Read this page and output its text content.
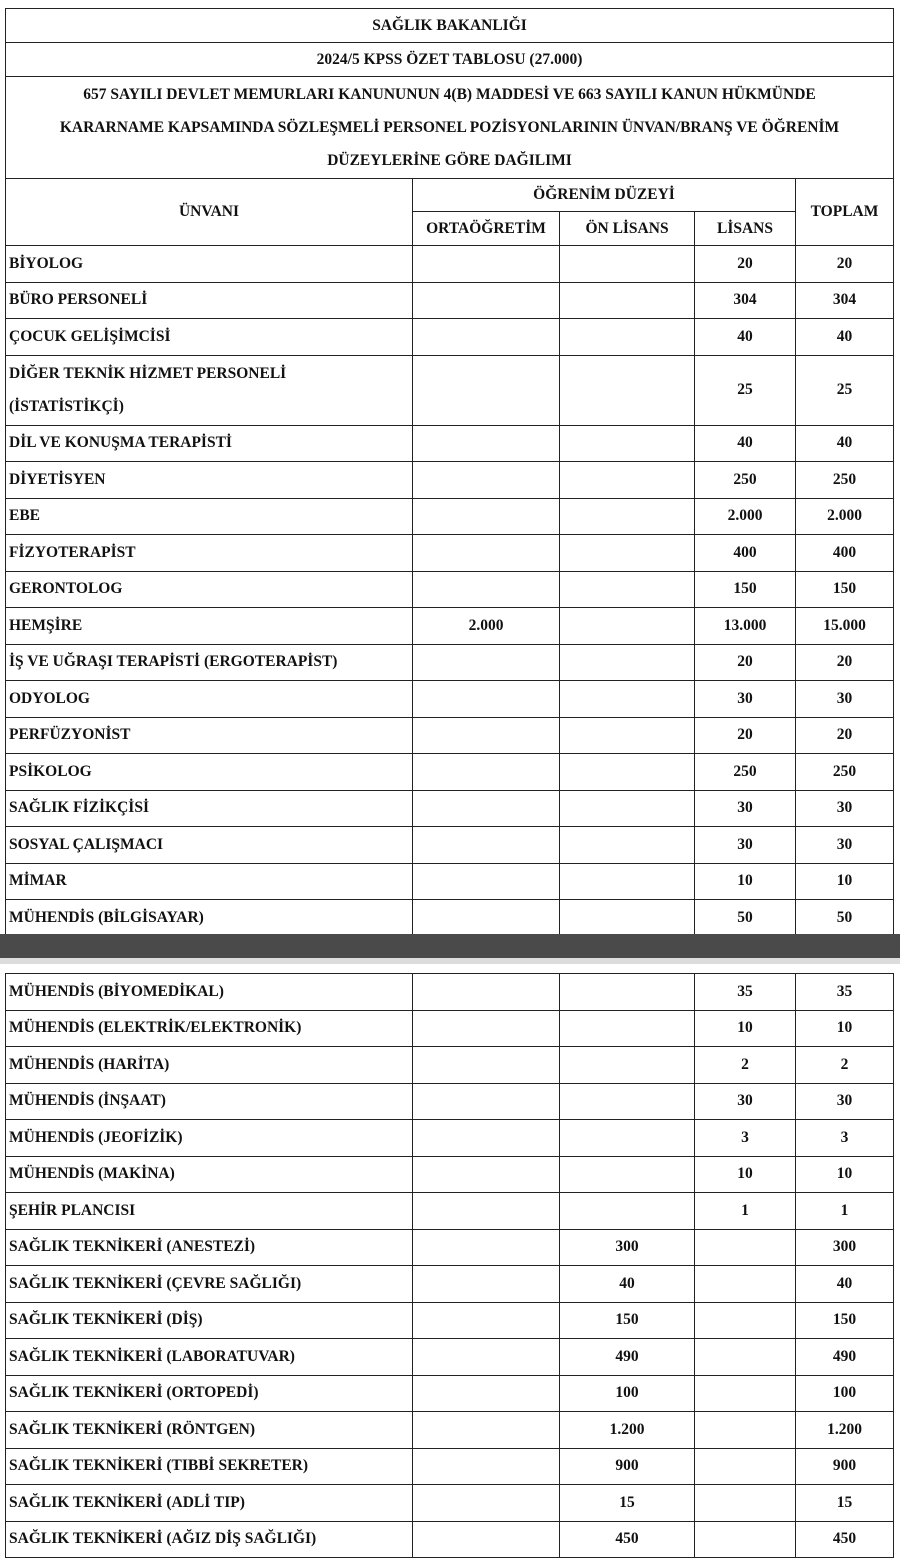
SAĞLIK BAKANLIĞI				
2024/5 KPSS ÖZET TABLOSU (27.000)				

657 SAYILI DEVLET MEMURLARI KANUNUNUN 4(B) MADDESİ VE 663 SAYILI KANUN HÜKMÜNDE
KARARNAME KAPSAMINDA SÖZLEŞMELİ PERSONEL POZİSYONLARININ ÜNVAN/BRANŞ VE ÖĞRENİM
DÜZEYLERİNE GÖRE DAĞILIMI				

ÜNVANI	ÖĞRENİM DÜZEYİ			TOPLAM
	ORTAÖĞRETİM	ÖN LİSANS	LİSANS	
BİYOLOG			20	20
BÜRO PERSONELİ			304	304
ÇOCUK GELİŞİMCİSİ			40	40

DİĞER TEKNİK HİZMET PERSONELİ
(İSTATİSTİKÇİ)			25	25
DİL VE KONUŞMA TERAPİSTİ			40	40
DİYETİSYEN			250	250
EBE			2.000	2.000
FİZYOTERAPİST			400	400
GERONTOLOG			150	150
HEMŞİRE	2.000		13.000	15.000
İŞ VE UĞRAŞI TERAPİSTİ (ERGOTERAPİST)			20	20
ODYOLOG			30	30
PERFÜZYONİST			20	20
PSİKOLOG			250	250
SAĞLIK FİZİKÇİSİ			30	30
SOSYAL ÇALIŞMACI			30	30
MİMAR			10	10
MÜHENDİS (BİLGİSAYAR)			50	50
MÜHENDİS (BİYOMEDİKAL)			35	35
MÜHENDİS (ELEKTRİK/ELEKTRONİK)			10	10
MÜHENDİS (HARİTA)			2	2
MÜHENDİS (İNŞAAT)			30	30
MÜHENDİS (JEOFİZİK)			3	3
MÜHENDİS (MAKİNA)			10	10
ŞEHİR PLANCISI			1	1
SAĞLIK TEKNİKERİ (ANESTEZİ)		300		300
SAĞLIK TEKNİKERİ (ÇEVRE SAĞLIĞI)		40		40
SAĞLIK TEKNİKERİ (DİŞ)		150		150
SAĞLIK TEKNİKERİ (LABORATUVAR)		490		490
SAĞLIK TEKNİKERİ (ORTOPEDİ)		100		100
SAĞLIK TEKNİKERİ (RÖNTGEN)		1.200		1.200
SAĞLIK TEKNİKERİ (TIBBİ SEKRETER)		900		900
SAĞLIK TEKNİKERİ (ADLİ TIP)		15		15
SAĞLIK TEKNİKERİ (AĞIZ DİŞ SAĞLIĞI)		450		450
